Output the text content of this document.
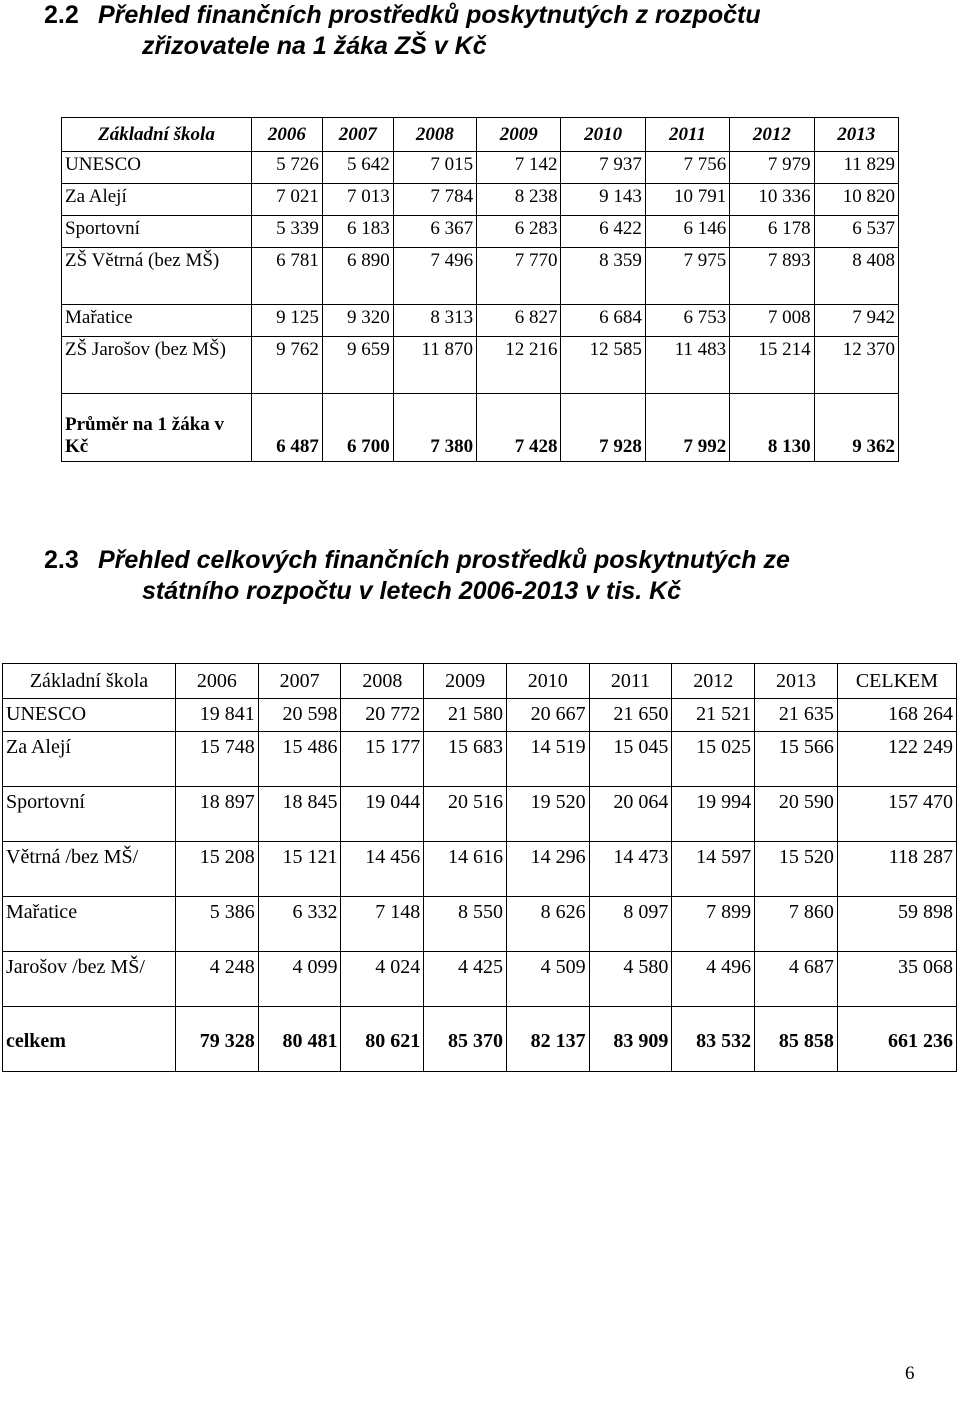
2.2 Přehled finančních prostředků poskytnutých z rozpočtu
zřizovatele na 1 žáka ZŠ v Kč
Základní škola	2006	2007	2008	2009	2010	2011	2012	2013
UNESCO	5 726	5 642	7 015	7 142	7 937	7 756	7 979	11 829
Za Alejí	7 021	7 013	7 784	8 238	9 143	10 791	10 336	10 820
Sportovní	5 339	6 183	6 367	6 283	6 422	6 146	6 178	6 537
ZŠ Větrná (bez MŠ)	6 781	6 890	7 496	7 770	8 359	7 975	7 893	8 408
Mařatice	9 125	9 320	8 313	6 827	6 684	6 753	7 008	7 942
ZŠ Jarošov (bez MŠ)	9 762	9 659	11 870	12 216	12 585	11 483	15 214	12 370
Průměr na 1 žáka v Kč	6 487	6 700	7 380	7 428	7 928	7 992	8 130	9 362
2.3 Přehled celkových finančních prostředků poskytnutých ze
státního rozpočtu v letech 2006-2013 v tis. Kč
Základní škola	2006	2007	2008	2009	2010	2011	2012	2013	CELKEM
UNESCO	19 841	20 598	20 772	21 580	20 667	21 650	21 521	21 635	168 264
Za Alejí	15 748	15 486	15 177	15 683	14 519	15 045	15 025	15 566	122 249
Sportovní	18 897	18 845	19 044	20 516	19 520	20 064	19 994	20 590	157 470
Větrná /bez MŠ/	15 208	15 121	14 456	14 616	14 296	14 473	14 597	15 520	118 287
Mařatice	5 386	6 332	7 148	8 550	8 626	8 097	7 899	7 860	59 898
Jarošov /bez MŠ/	4 248	4 099	4 024	4 425	4 509	4 580	4 496	4 687	35 068
celkem	79 328	80 481	80 621	85 370	82 137	83 909	83 532	85 858	661 236
6
